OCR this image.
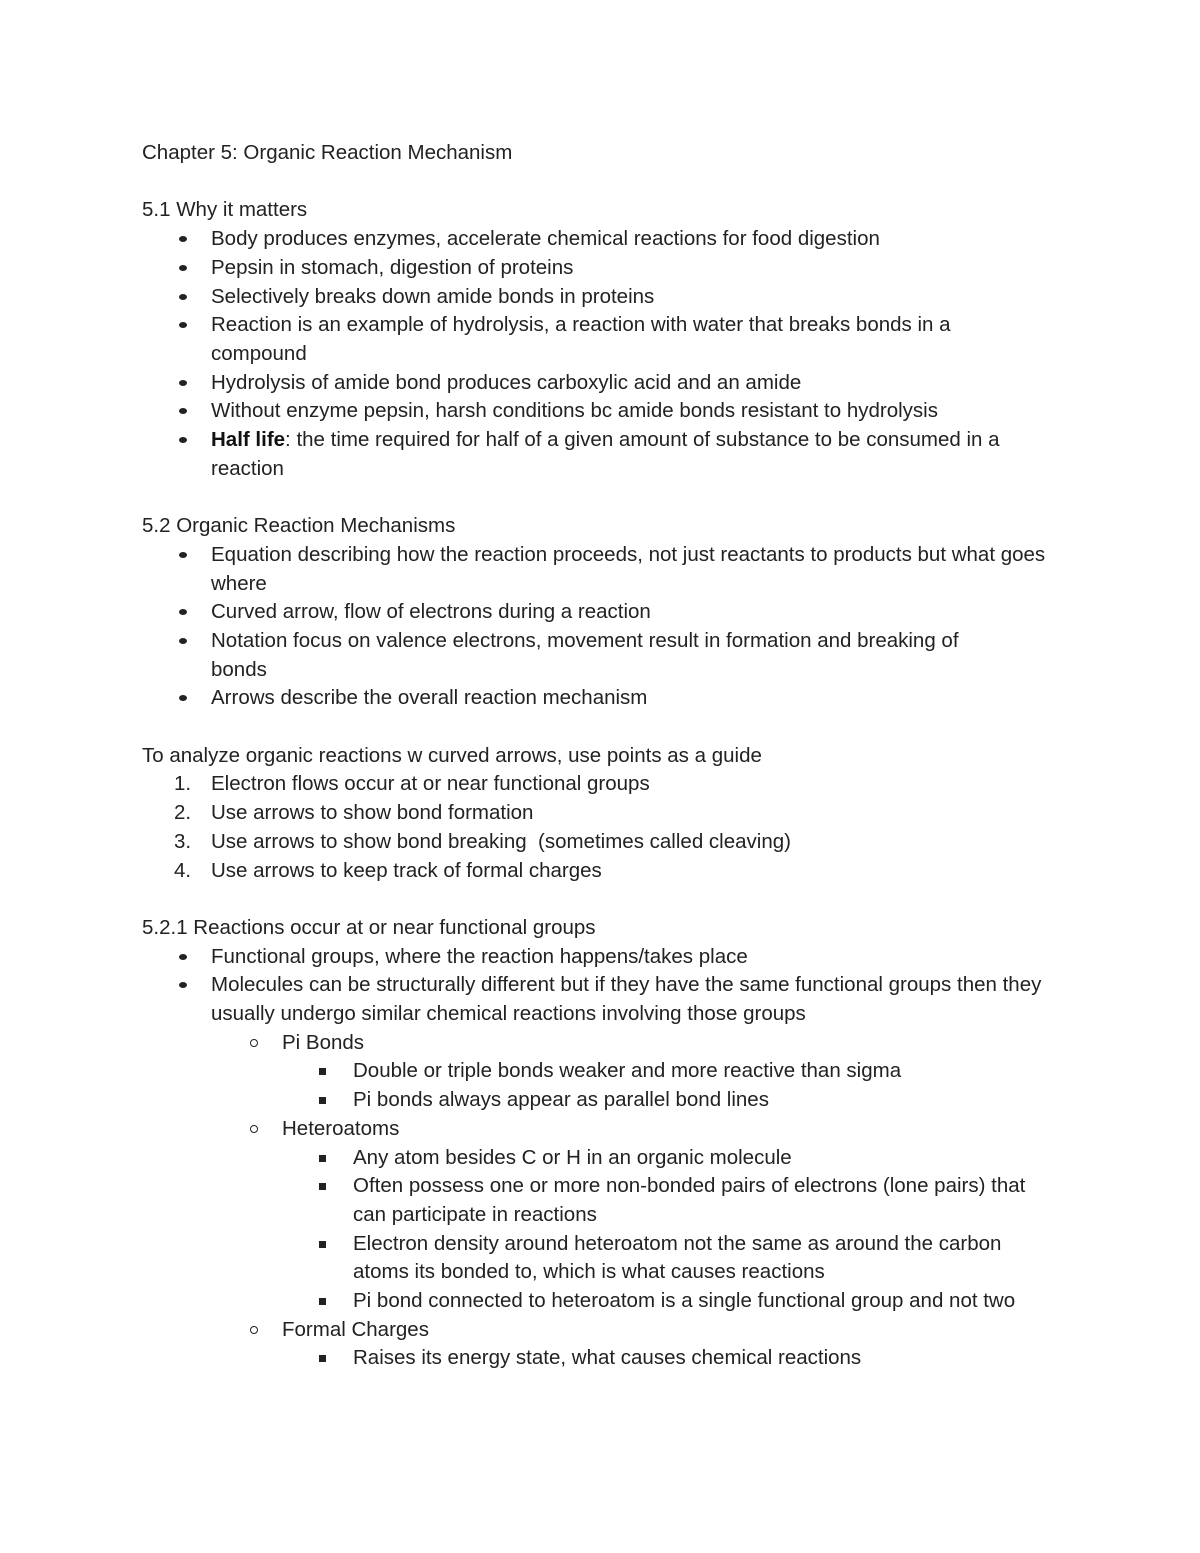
Chapter 5: Organic Reaction Mechanism

5.1 Why it matters

Body produces enzymes, accelerate chemical reactions for food digestion
Pepsin in stomach, digestion of proteins
Selectively breaks down amide bonds in proteins
Reaction is an example of hydrolysis, a reaction with water that breaks bonds in a compound
Hydrolysis of amide bond produces carboxylic acid and an amide
Without enzyme pepsin, harsh conditions bc amide bonds resistant to hydrolysis
Half life: the time required for half of a given amount of substance to be consumed in a reaction

5.2 Organic Reaction Mechanisms

Equation describing how the reaction proceeds, not just reactants to products but what goes where
Curved arrow, flow of electrons during a reaction
Notation focus on valence electrons, movement result in formation and breaking of bonds
Arrows describe the overall reaction mechanism

To analyze organic reactions w curved arrows, use points as a guide

1. Electron flows occur at or near functional groups
2. Use arrows to show bond formation
3. Use arrows to show bond breaking  (sometimes called cleaving)
4. Use arrows to keep track of formal charges

5.2.1 Reactions occur at or near functional groups

Functional groups, where the reaction happens/takes place
Molecules can be structurally different but if they have the same functional groups then they usually undergo similar chemical reactions involving those groups
Pi Bonds
Double or triple bonds weaker and more reactive than sigma
Pi bonds always appear as parallel bond lines
Heteroatoms
Any atom besides C or H in an organic molecule
Often possess one or more non-bonded pairs of electrons (lone pairs) that can participate in reactions
Electron density around heteroatom not the same as around the carbon atoms its bonded to, which is what causes reactions
Pi bond connected to heteroatom is a single functional group and not two
Formal Charges
Raises its energy state, what causes chemical reactions
